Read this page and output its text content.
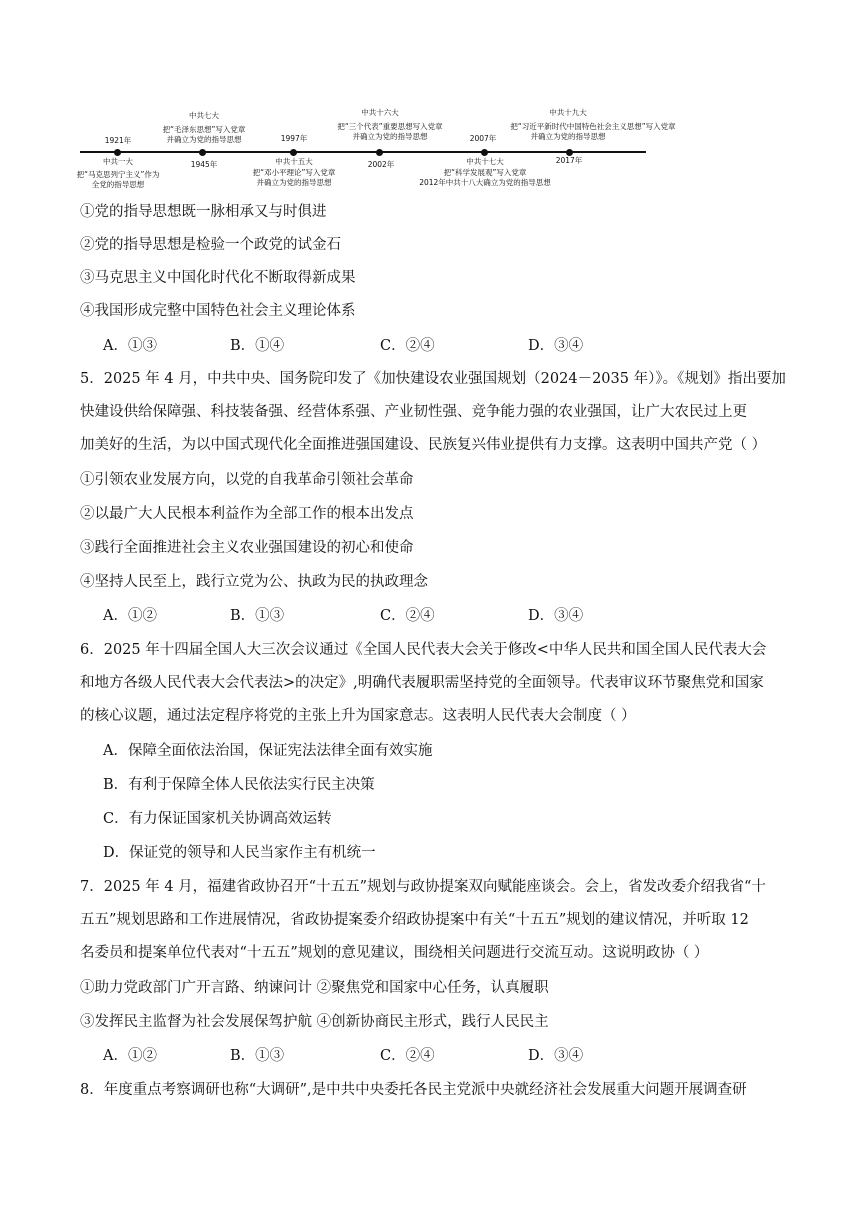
1921年
中共一大
把“马克思列宁主义”作为
全党的指导思想
中共七大
把“毛泽东思想”写入党章
并确立为党的指导思想
1945年
1997年
中共十五大
把“邓小平理论”写入党章
并确立为党的指导思想
中共十六大
把“三个代表”重要思想写入党章
并确立为党的指导思想
2002年
2007年
中共十七大
把“科学发展观”写入党章
2012年中共十八大确立为党的指导思想
中共十九大
把“习近平新时代中国特色社会主义思想”写入党章
并确立为党的指导思想
2017年
①党的指导思想既一脉相承又与时俱进
②党的指导思想是检验一个政党的试金石
③马克思主义中国化时代化不断取得新成果
④我国形成完整中国特色社会主义理论体系
A．①③	B．①④	C．②④	D．③④
5．2025 年 4 月，中共中央、国务院印发了《加快建设农业强国规划（2024－2035 年）》。《规划》指出要加
快建设供给保障强、科技装备强、经营体系强、产业韧性强、竞争能力强的农业强国，让广大农民过上更
加美好的生活，为以中国式现代化全面推进强国建设、民族复兴伟业提供有力支撑。这表明中国共产党（ ）
①引领农业发展方向，以党的自我革命引领社会革命
②以最广大人民根本利益作为全部工作的根本出发点
③践行全面推进社会主义农业强国建设的初心和使命
④坚持人民至上，践行立党为公、执政为民的执政理念
A．①②	B．①③	C．②④	D．③④
6．2025 年十四届全国人大三次会议通过《全国人民代表大会关于修改<中华人民共和国全国人民代表大会
和地方各级人民代表大会代表法>的决定》,明确代表履职需坚持党的全面领导。代表审议环节聚焦党和国家
的核心议题，通过法定程序将党的主张上升为国家意志。这表明人民代表大会制度（ ）
A．保障全面依法治国，保证宪法法律全面有效实施
B．有利于保障全体人民依法实行民主决策
C．有力保证国家机关协调高效运转
D．保证党的领导和人民当家作主有机统一
7．2025 年 4 月，福建省政协召开“十五五”规划与政协提案双向赋能座谈会。会上，省发改委介绍我省“十
五五”规划思路和工作进展情况，省政协提案委介绍政协提案中有关“十五五”规划的建议情况，并听取 12
名委员和提案单位代表对“十五五”规划的意见建议，围绕相关问题进行交流互动。这说明政协（ ）
①助力党政部门广开言路、纳谏问计 ②聚焦党和国家中心任务，认真履职
③发挥民主监督为社会发展保驾护航 ④创新协商民主形式，践行人民民主
A．①②	B．①③	C．②④	D．③④
8．年度重点考察调研也称“大调研”,是中共中央委托各民主党派中央就经济社会发展重大问题开展调查研
